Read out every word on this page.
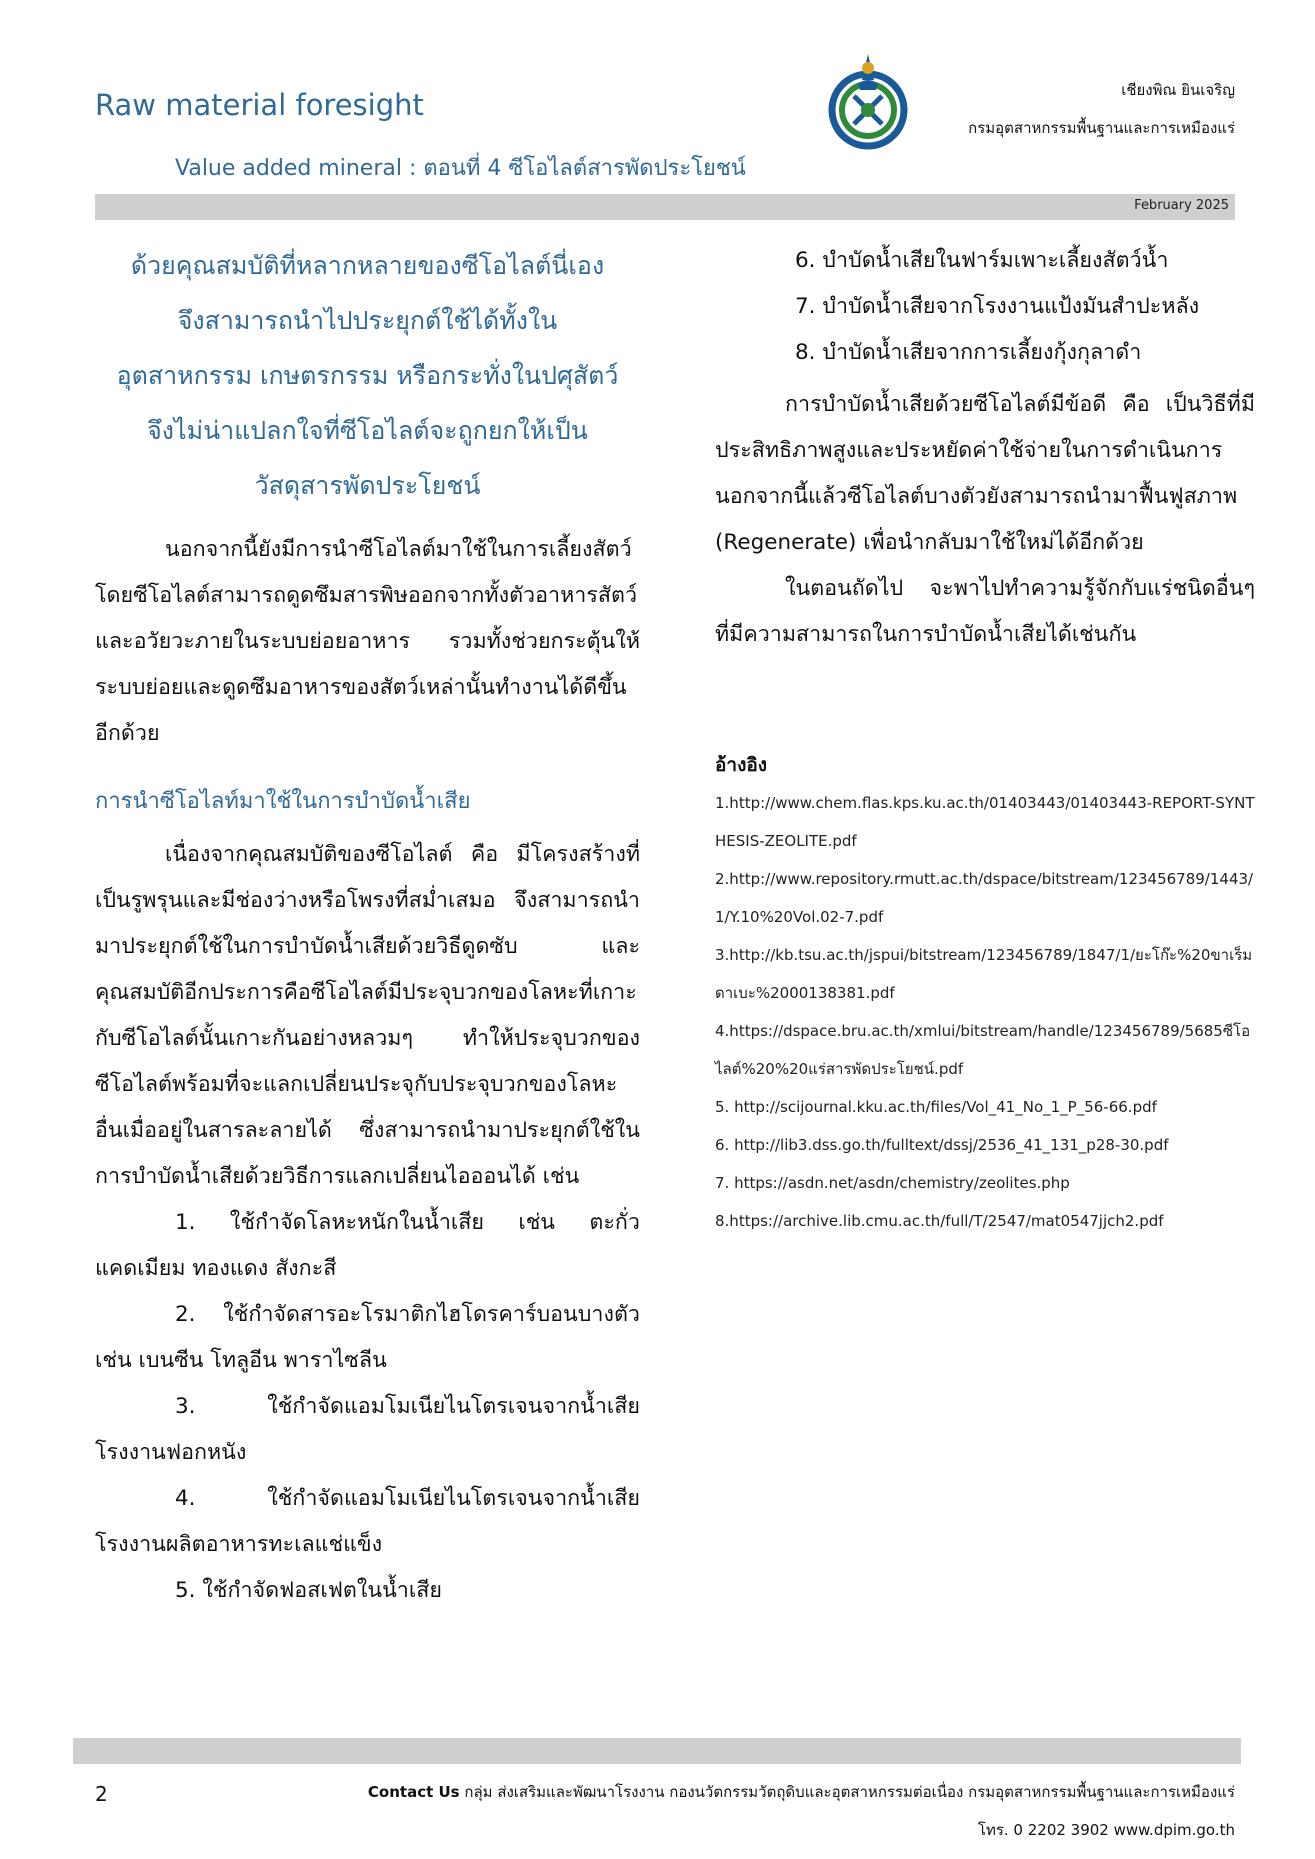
Raw material foresight
Value added mineral : ตอนที่ 4 ซีโอไลต์สารพัดประโยชน์
เชียงพิณ ยินเจริญ
กรมอุตสาหกรรมพื้นฐานและการเหมืองแร่
February 2025
ด้วยคุณสมบัติที่หลากหลายของซีโอไลต์นี่เอง
จึงสามารถนำไปประยุกต์ใช้ได้ทั้งใน
อุตสาหกรรม เกษตรกรรม หรือกระทั่งในปศุสัตว์
จึงไม่น่าแปลกใจที่ซีโอไลต์จะถูกยกให้เป็น
วัสดุสารพัดประโยชน์
นอกจากนี้ยังมีการนำซีโอไลต์มาใช้ในการเลี้ยงสัตว์ โดยซีโอไลต์สามารถดูดซึมสารพิษออกจากทั้งตัวอาหารสัตว์ และอวัยวะภายในระบบย่อยอาหาร รวมทั้งช่วยกระตุ้นให้ระบบย่อยและดูดซึมอาหารของสัตว์เหล่านั้นทำงานได้ดีขึ้นอีกด้วย
การนำซีโอไลท์มาใช้ในการบำบัดน้ำเสีย
เนื่องจากคุณสมบัติของซีโอไลต์ คือ มีโครงสร้างที่เป็นรูพรุนและมีช่องว่างหรือโพรงที่สม่ำเสมอ จึงสามารถนำมาประยุกต์ใช้ในการบำบัดน้ำเสียด้วยวิธีดูดซับ และคุณสมบัติอีกประการคือซีโอไลต์มีประจุบวกของโลหะที่เกาะกับซีโอไลต์นั้นเกาะกันอย่างหลวมๆ ทำให้ประจุบวกของซีโอไลต์พร้อมที่จะแลกเปลี่ยนประจุกับประจุบวกของโลหะอื่นเมื่ออยู่ในสารละลายได้ ซึ่งสามารถนำมาประยุกต์ใช้ในการบำบัดน้ำเสียด้วยวิธีการแลกเปลี่ยนไอออนได้ เช่น
1. ใช้กำจัดโลหะหนักในน้ำเสีย เช่น ตะกั่ว แคดเมียม ทองแดง สังกะสี
2. ใช้กำจัดสารอะโรมาติกไฮโดรคาร์บอนบางตัว เช่น เบนซีน โทลูอีน พาราไซลีน
3. ใช้กำจัดแอมโมเนียไนโตรเจนจากน้ำเสียโรงงานฟอกหนัง
4. ใช้กำจัดแอมโมเนียไนโตรเจนจากน้ำเสียโรงงานผลิตอาหารทะเลแช่แข็ง
5. ใช้กำจัดฟอสเฟตในน้ำเสีย
6. บำบัดน้ำเสียในฟาร์มเพาะเลี้ยงสัตว์น้ำ
7. บำบัดน้ำเสียจากโรงงานแป้งมันสำปะหลัง
8. บำบัดน้ำเสียจากการเลี้ยงกุ้งกุลาดำ
การบำบัดน้ำเสียด้วยซีโอไลต์มีข้อดี คือ เป็นวิธีที่มีประสิทธิภาพสูงและประหยัดค่าใช้จ่ายในการดำเนินการ นอกจากนี้แล้วซีโอไลต์บางตัวยังสามารถนำมาฟื้นฟูสภาพ (Regenerate) เพื่อนำกลับมาใช้ใหม่ได้อีกด้วย
ในตอนถัดไป จะพาไปทำความรู้จักกับแร่ชนิดอื่นๆ ที่มีความสามารถในการบำบัดน้ำเสียได้เช่นกัน
อ้างอิง
1.http://www.chem.flas.kps.ku.ac.th/01403443/01403443-REPORT-SYNTHESIS-ZEOLITE.pdf
2.http://www.repository.rmutt.ac.th/dspace/bitstream/123456789/1443/1/Y.10%20Vol.02-7.pdf
3.http://kb.tsu.ac.th/jspui/bitstream/123456789/1847/1/ยะโก๊ะ%20ขาเร็มดาเบะ%2000138381.pdf
4.https://dspace.bru.ac.th/xmlui/bitstream/handle/123456789/5685ซีโอไลต์%20%20แร่สารพัดประโยชน์.pdf
5. http://scijournal.kku.ac.th/files/Vol_41_No_1_P_56-66.pdf
6. http://lib3.dss.go.th/fulltext/dssj/2536_41_131_p28-30.pdf
7. https://asdn.net/asdn/chemistry/zeolites.php
8.https://archive.lib.cmu.ac.th/full/T/2547/mat0547jjch2.pdf
2	Contact Us กลุ่ม ส่งเสริมและพัฒนาโรงงาน กองนวัตกรรมวัตถุดิบและอุตสาหกรรมต่อเนื่อง กรมอุตสาหกรรมพื้นฐานและการเหมืองแร่
โทร. 0 2202 3902 www.dpim.go.th
